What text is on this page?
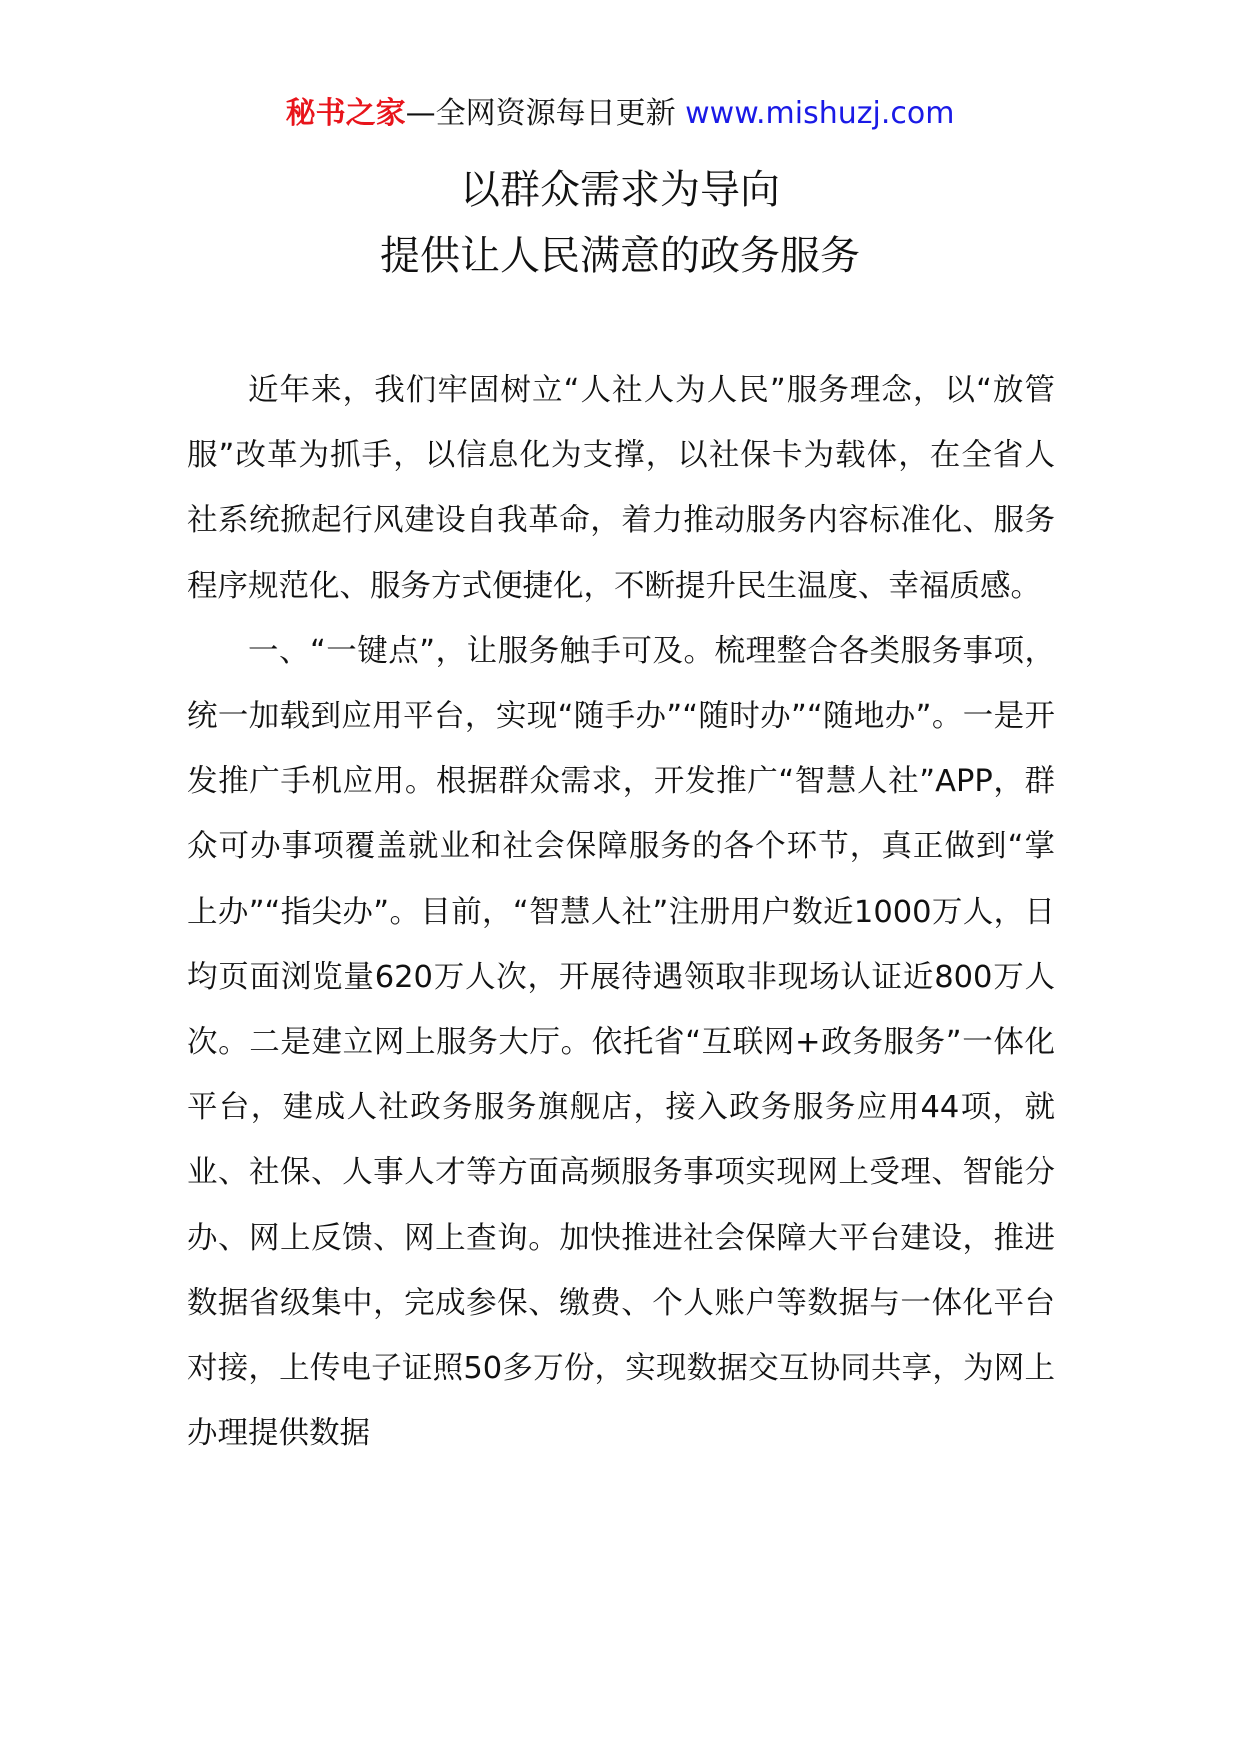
秘书之家—全网资源每日更新 www.mishuzj.com
以群众需求为导向
提供让人民满意的政务服务

近年来，我们牢固树立“人社人为人民”服务理念，以“放管服”改革为抓手，以信息化为支撑，以社保卡为载体，在全省人社系统掀起行风建设自我革命，着力推动服务内容标准化、服务程序规范化、服务方式便捷化，不断提升民生温度、幸福质感。

一、“一键点”，让服务触手可及。梳理整合各类服务事项，统一加载到应用平台，实现“随手办”“随时办”“随地办”。一是开发推广手机应用。根据群众需求，开发推广“智慧人社”APP，群众可办事项覆盖就业和社会保障服务的各个环节，真正做到“掌上办”“指尖办”。目前，“智慧人社”注册用户数近1000万人，日均页面浏览量620万人次，开展待遇领取非现场认证近800万人次。二是建立网上服务大厅。依托省“互联网+政务服务”一体化平台，建成人社政务服务旗舰店，接入政务服务应用44项，就业、社保、人事人才等方面高频服务事项实现网上受理、智能分办、网上反馈、网上查询。加快推进社会保障大平台建设，推进数据省级集中，完成参保、缴费、个人账户等数据与一体化平台对接，上传电子证照50多万份，实现数据交互协同共享，为网上办理提供数据
